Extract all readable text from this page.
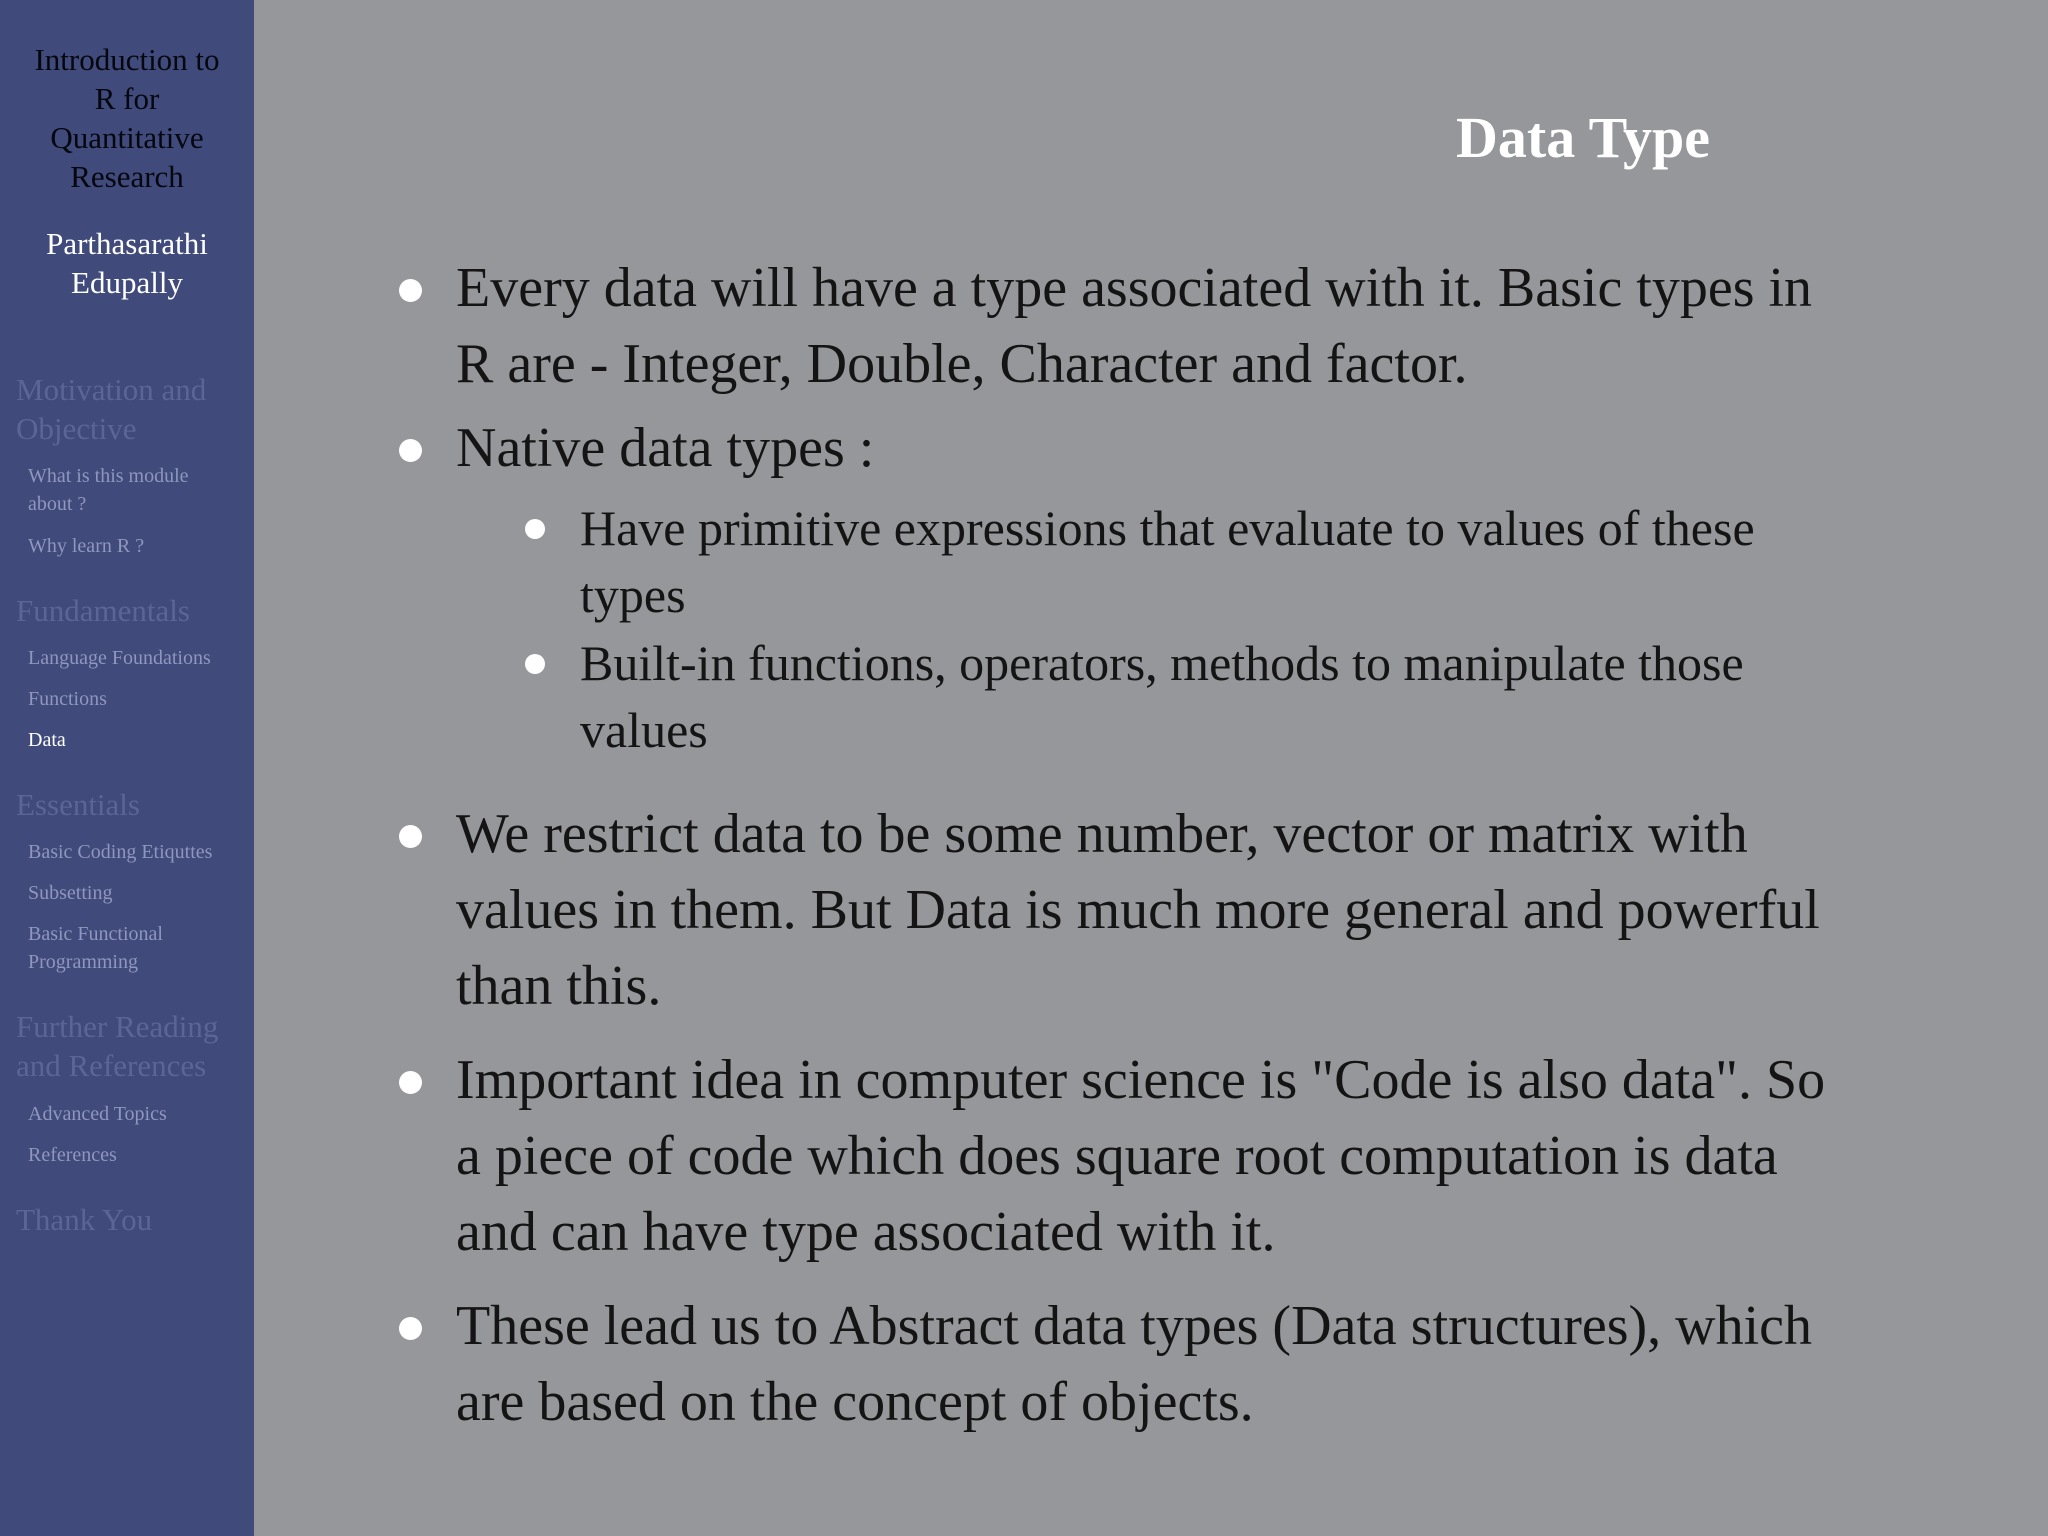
Introduction to
R for
Quantitative
Research
Parthasarathi
Edupally
Motivation and
Objective
What is this module
about ?
Why learn R ?
Fundamentals
Language Foundations
Functions
Data
Essentials
Basic Coding Etiquttes
Subsetting
Basic Functional
Programming
Further Reading
and References
Advanced Topics
References
Thank You
Data Type
Every data will have a type associated with it. Basic types in
R are - Integer, Double, Character and factor.
Native data types :
Have primitive expressions that evaluate to values of these
types
Built-in functions, operators, methods to manipulate those
values
We restrict data to be some number, vector or matrix with
values in them. But Data is much more general and powerful
than this.
Important idea in computer science is "Code is also data". So
a piece of code which does square root computation is data
and can have type associated with it.
These lead us to Abstract data types (Data structures), which
are based on the concept of objects.
